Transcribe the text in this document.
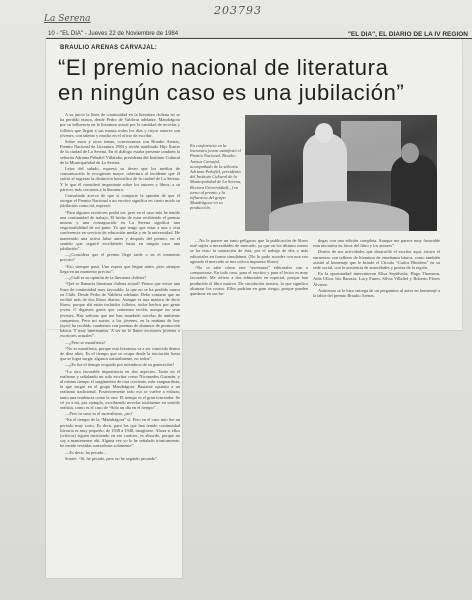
203793
La Serena
10 - "EL DIA" - Jueves 22 de Noviembre de 1984	"EL DIA", EL DIARIO DE LA IV REGION
BRAULIO ARENAS CARVAJAL:
“El premio nacional de literatura
en ningún caso es una jubilación”

A su juicio la línea de continuidad en la literatura chilena no se ha perdido nunca, desde Pedro de Valdivia adelante. Mandrágora por su influencia en la literatura actual por la cantidad de novelas y folletos que llegan a sus manos todos los días y cuyos autores son jóvenes, con talento y mucho en el oficio de escribir.

Sobre estos y otros temas, conversamos con Braulio Arenas, Premio Nacional de Literatura 1984 y recién nombrado Hijo Ilustre de la ciudad de La Serena. En el diálogo estaba presente también la señorita Adriana Peñafiel Villafaña, presidenta del Instituto Cultural de la Municipalidad de La Serena.

Lejos del saludo, expresó su deseo que los medios de comunicación le recogieran mayor cobertura al incidente que él sufrió al ingresar la distinción honorífica de la ciudad de La Serena. Y lo que él consideró importante sobre los autores y libros, a su parecer, más cercanos a la literatura.

Consultado acerca de que si comparte la opinión de que el otorgar el Premio Nacional a un escritor significa en cierto modo su jubilación como tal, expresó:

“Para algunos escritores podrá ser, pero en el caso mío he tenido una continuidad de trabajo. El hecho de estar recibiendo el premio mismo y una consagración en La Serena significa una responsabilidad de mi parte. Ya que tengo que estar a una y otra conferencia en servicio de educación media y en la universidad. He mantenido una activa labor antes y después del premio, en el sentido que seguiré escribiendo hasta en ningún caso una jubilación”.

—¿Considera que el premio llegó tarde o en el momento preciso?

“Eso siempre pasa. Uno espera que llegue antes, pero siempre llega en un momento preciso”.

—¿Cuál es su opinión de la literatura chilena?

“Qué se llamaría literatura chilena actual? Pienso que existe una línea de continuidad muy favorable, la que no se ha perdido nunca en Chile. Desde Pedro de Valdivia adelante. Debe contarse que no recibió más de dos libros diarios. Aunque es una manera de decir libros, porque ahí están incluidos folletos, todos hechos por gente joven. O digamos gente que comienza recién, aunque no sean jóvenes. Hay señoras que me han mandado novelas de ambiente campesino. Pero mi suerte, a los jóvenes, en la mañana de hoy (ayer) ha recibido cuadernos con poemas de alumnos de promoción básica. Y muy interesantes. A ser no le llamo escritores jóvenes o escritores actuales”.

—¿Pero se manifiesta?

“No se manifiesta, porque esta literatura va a ser conocida dentro de diez años. Es el tiempo que se ocupa desde la iniciación hasta que se logra surgir, algunos naturalmente, no todos”.

—¿Es fue el tiempo ocupado por miembros de su generación?

“La otra favorable importancia en dos aspectos. Tanto en el realismo y señalando un solo escritor como Nicomedes Guzmán, y al mismo tiempo el surgimiento de otra corriente, más vanguardista, la que surgió en el grupo Mandrágora. Bastante opuesto a un realismo tradicional. Posteriormente todo eso se vuelve a enlazar, tanto una tendencia como la otra. El tiempo es el gran ronceador. Se vé ya a mí, por ejemplo, escribiendo novelas totalmente en sentido realista, como es el caso de “Sólo un día en el tiempo”.

—Pero tu suvo es el surrealismo, ¿no?

“En el tiempo de la “Mandrágora” sí. Pero en el caso mío fue un período muy corto. Es decir, para los que han tenido continuidad literaria es muy pequeño, de 1938 a 1948, imagínese. Ahora si ellos (críticos) siguen insistiendo en ese carácter, es absurdo, porque no soy a mantenerme ahí. Alguna vez yo lo he señalado irónicamente, he tenido recaídas surrealistas solamente”.

—Es decir, ha pecado...

Sonríe. “Sí, he pecado, pero no he seguido pecando”.

En conferencia en la literatura jovem manifestó el Premio Nacional, Braulio Arenas Carvajal, acompañado de la señorita Adriana Peñafiel, presidenta del Instituto Cultural de la Municipalidad de La Serena, Rectora Universidad(...) en torno al premio y la influencia del grupo Mandrágora en su producción.

—No le parece un tanto peligroso que la publicación de libros esté sujeta a necesidades de mercado, ya que en los últimos meses se ha visto la saturación de ésta, por el trabajo de dos o más editoriales en forma simultánea. (No lo pudo suceder con una vez agotada el mercado se nos coloca impronto libros)

“No se sabe cómo este “aventuras” editoriales van a comportarse. En todo caso, para el escritor y para el lector es muy favorable. Me refiero a dos editoriales en especial, porque han producido el libro masivo. De circulación masiva, lo que significa alcanzar los costos. Ellos podrían en gran riesgo, porque pueden quedarse en sus bo-

degas con una edición completa. Aunque me parece muy favorable esta iniciativa en favor del libro y los autores”.

Dentro de sus actividades que desarrolló el escritor aquí, estuvo el encuentro con talleres de literatura de enseñanza básica, como también asistió al homenaje que le brindó el Círculo “Carlos Rhodens” en su sede social, con la asistencia de autoridades y poetas de la región.

En la oportunidad intervinieron Elisa Sepúlveda, Hugo Thomson, Aída Ulloa, Iris Barraza, Lucy Funes, Silvia Villafiel y Roberto Flores Álvarez.

Asimismo se le hizo entrega de un pergamino al autor en homenaje a la labor del premio Braulio Arenas.
